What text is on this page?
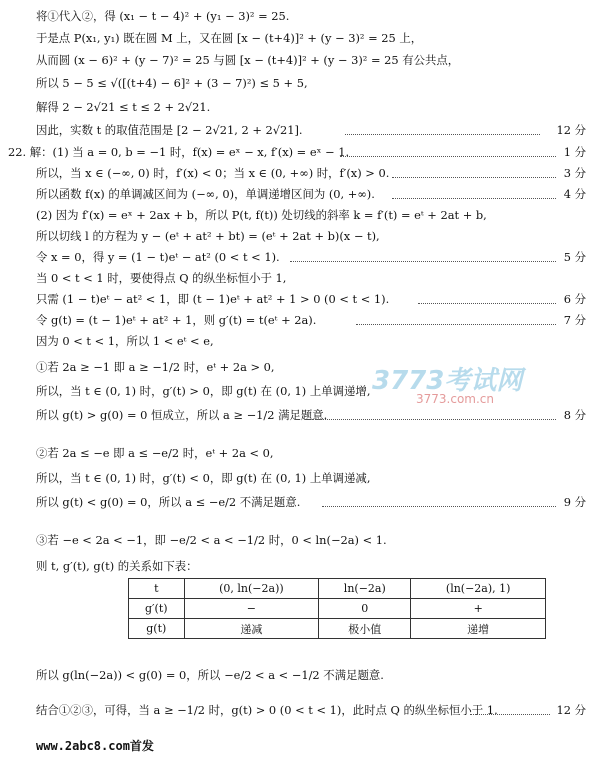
将①代入②，得 (x₁ − t − 4)² + (y₁ − 3)² = 25.
于是点 P(x₁, y₁) 既在圆 M 上，又在圆 [x − (t+4)]² + (y − 3)² = 25 上，
从而圆 (x − 6)² + (y − 7)² = 25 与圆 [x − (t+4)]² + (y − 3)² = 25 有公共点，
所以 5 − 5 ≤ √([(t+4) − 6]² + (3 − 7)²) ≤ 5 + 5,
解得 2 − 2√21 ≤ t ≤ 2 + 2√21.
因此，实数 t 的取值范围是 [2 − 2√21, 2 + 2√21].	12 分
22. 解：(1) 当 a = 0, b = −1 时，f(x) = eˣ − x, f′(x) = eˣ − 1.	1 分
所以，当 x ∈ (−∞, 0) 时，f′(x) < 0；当 x ∈ (0, +∞) 时，f′(x) > 0.	3 分
所以函数 f(x) 的单调减区间为 (−∞, 0)，单调递增区间为 (0, +∞).	4 分
(2) 因为 f′(x) = eˣ + 2ax + b，所以 P(t, f(t)) 处切线的斜率 k = f′(t) = eᵗ + 2at + b,
所以切线 l 的方程为 y − (eᵗ + at² + bt) = (eᵗ + 2at + b)(x − t),
令 x = 0，得 y = (1 − t)eᵗ − at² (0 < t < 1).	5 分
当 0 < t < 1 时，要使得点 Q 的纵坐标恒小于 1,
只需 (1 − t)eᵗ − at² < 1，即 (t − 1)eᵗ + at² + 1 > 0 (0 < t < 1).	6 分
令 g(t) = (t − 1)eᵗ + at² + 1，则 g′(t) = t(eᵗ + 2a).	7 分
因为 0 < t < 1，所以 1 < eᵗ < e,
①若 2a ≥ −1 即 a ≥ −1/2 时，eᵗ + 2a > 0,
所以，当 t ∈ (0, 1) 时，g′(t) > 0，即 g(t) 在 (0, 1) 上单调递增,
所以 g(t) > g(0) = 0 恒成立，所以 a ≥ −1/2 满足题意.	8 分
②若 2a ≤ −e 即 a ≤ −e/2 时，eᵗ + 2a < 0,
所以，当 t ∈ (0, 1) 时，g′(t) < 0，即 g(t) 在 (0, 1) 上单调递减,
所以 g(t) < g(0) = 0，所以 a ≤ −e/2 不满足题意.	9 分
③若 −e < 2a < −1，即 −e/2 < a < −1/2 时，0 < ln(−2a) < 1.
则 t, g′(t), g(t) 的关系如下表：
t	(0, ln(−2a))	ln(−2a)	(ln(−2a), 1)
g′(t)	−	0	+
g(t)	递减	极小值	递增
所以 g(ln(−2a)) < g(0) = 0，所以 −e/2 < a < −1/2 不满足题意.
结合①②③，可得，当 a ≥ −1/2 时，g(t) > 0 (0 < t < 1)，此时点 Q 的纵坐标恒小于 1.	12 分
3773考试网
3773.com.cn
www.2abc8.com首发
